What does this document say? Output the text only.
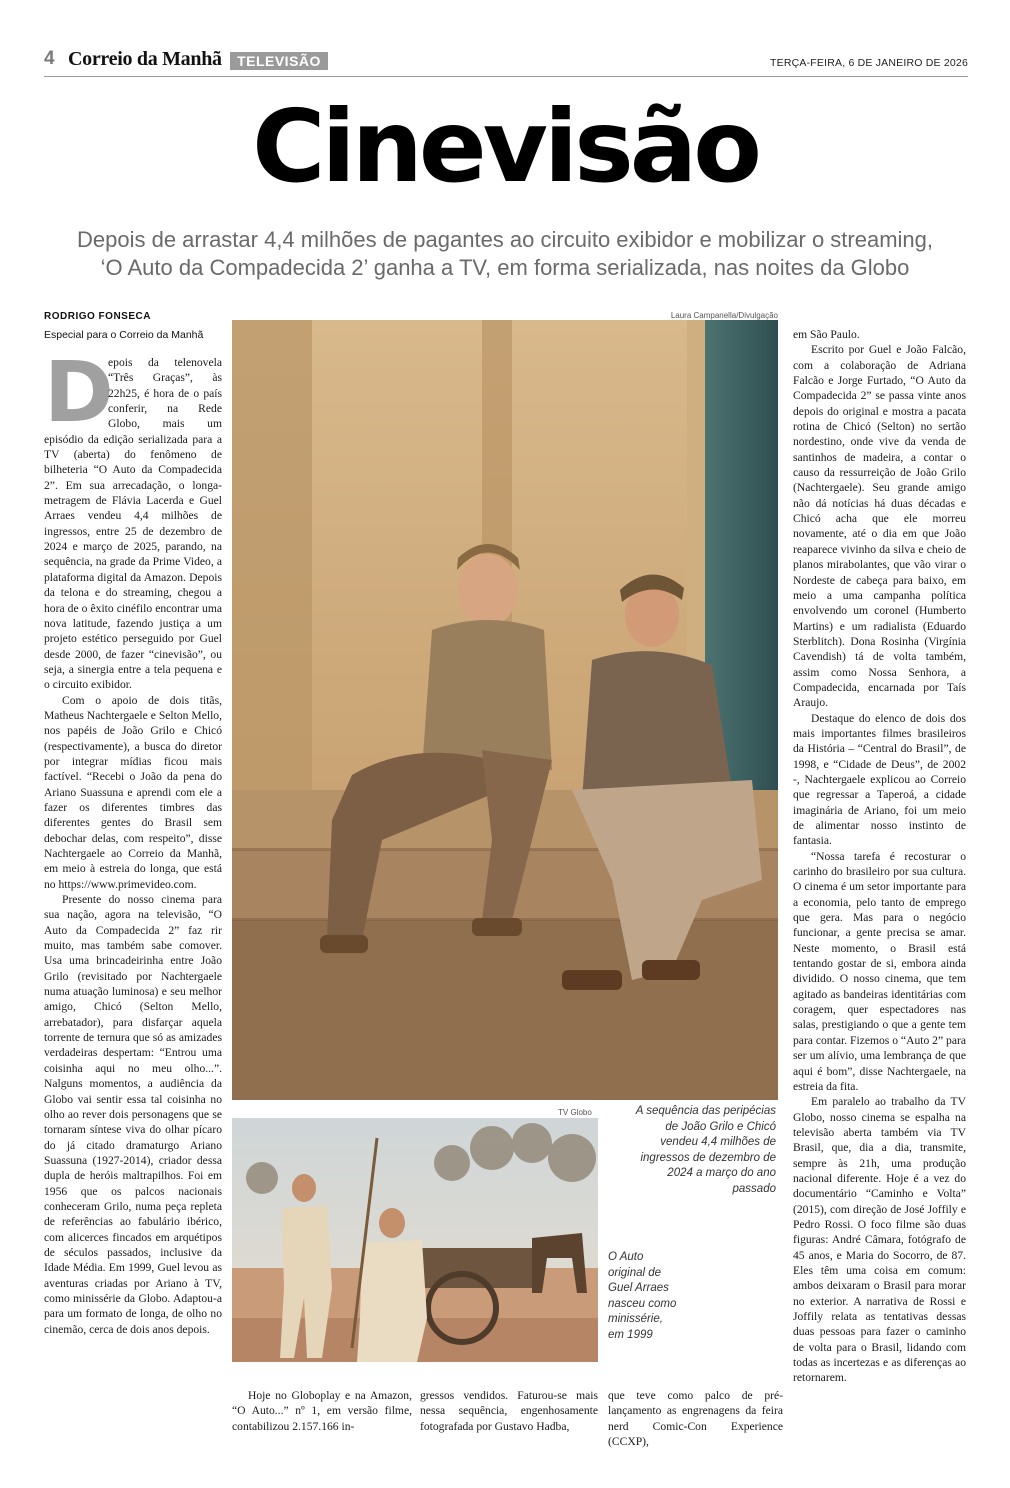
4 Correio da Manhã	TELEVISÃO	TERÇA-FEIRA, 6 DE JANEIRO DE 2026
Cinevisão
Depois de arrastar 4,4 milhões de pagantes ao circuito exibidor e mobilizar o streaming,
‘O Auto da Compadecida 2’ ganha a TV, em forma serializada, nas noites da Globo
RODRIGO FONSECA
Especial para o Correio da Manhã
D

epois da telenovela “Três Graças”, às 22h25, é hora de o país conferir, na Rede Globo, mais um episódio da edição serializada para a TV (aberta) do fenômeno de bilheteria “O Auto da Compadecida 2”. Em sua arrecadação, o longa-metragem de Flávia Lacerda e Guel Arraes vendeu 4,4 milhões de ingressos, entre 25 de dezembro de 2024 e março de 2025, parando, na sequência, na grade da Prime Video, a plataforma digital da Amazon. Depois da telona e do streaming, chegou a hora de o êxito cinéfilo encontrar uma nova latitude, fazendo justiça a um projeto estético perseguido por Guel desde 2000, de fazer “cinevisão”, ou seja, a sinergia entre a tela pequena e o circuito exibidor.

Com o apoio de dois titãs, Matheus Nachtergaele e Selton Mello, nos papéis de João Grilo e Chicó (respectivamente), a busca do diretor por integrar mídias ficou mais factível. “Recebi o João da pena do Ariano Suassuna e aprendi com ele a fazer os diferentes timbres das diferentes gentes do Brasil sem debochar delas, com respeito”, disse Nachtergaele ao Correio da Manhã, em meio à estreia do longa, que está no https://www.primevideo.com.

Presente do nosso cinema para sua nação, agora na televisão, “O Auto da Compadecida 2” faz rir muito, mas também sabe comover. Usa uma brincadeirinha entre João Grilo (revisitado por Nachtergaele numa atuação luminosa) e seu melhor amigo, Chicó (Selton Mello, arrebatador), para disfarçar aquela torrente de ternura que só as amizades verdadeiras despertam: “Entrou uma coisinha aqui no meu olho...”. Nalguns momentos, a audiência da Globo vai sentir essa tal coisinha no olho ao rever dois personagens que se tornaram síntese viva do olhar pícaro do já citado dramaturgo Ariano Suassuna (1927-2014), criador dessa dupla de heróis maltrapilhos. Foi em 1956 que os palcos nacionais conheceram Grilo, numa peça repleta de referências ao fabulário ibérico, com alicerces fincados em arquétipos de séculos passados, inclusive da Idade Média. Em 1999, Guel levou as aventuras criadas por Ariano à TV, como minissérie da Globo. Adaptou-a para um formato de longa, de olho no cinemão, cerca de dois anos depois.

Laura Campanella/Divulgação
A sequência das peripécias de João Grilo e Chicó vendeu 4,4 milhões de ingressos de dezembro de 2024 a março do ano passado
TV Globo
O Auto original de Guel Arraes nasceu como minissérie, em 1999

Hoje no Globoplay e na Amazon, “O Auto...” nº 1, em versão filme, contabilizou 2.157.166 in-

gressos vendidos. Faturou-se mais nessa sequência, engenhosamente fotografada por Gustavo Hadba,

que teve como palco de pré-lançamento as engrenagens da feira nerd Comic-Con Experience (CCXP),

em São Paulo.

Escrito por Guel e João Falcão, com a colaboração de Adriana Falcão e Jorge Furtado, “O Auto da Compadecida 2” se passa vinte anos depois do original e mostra a pacata rotina de Chicó (Selton) no sertão nordestino, onde vive da venda de santinhos de madeira, a contar o causo da ressurreição de João Grilo (Nachtergaele). Seu grande amigo não dá notícias há duas décadas e Chicó acha que ele morreu novamente, até o dia em que João reaparece vivinho da silva e cheio de planos mirabolantes, que vão virar o Nordeste de cabeça para baixo, em meio a uma campanha política envolvendo um coronel (Humberto Martins) e um radialista (Eduardo Sterblitch). Dona Rosinha (Virgínia Cavendish) tá de volta também, assim como Nossa Senhora, a Compadecida, encarnada por Taís Araujo.

Destaque do elenco de dois dos mais importantes filmes brasileiros da História – “Central do Brasil”, de 1998, e “Cidade de Deus”, de 2002 -, Nachtergaele explicou ao Correio que regressar a Taperoá, a cidade imaginária de Ariano, foi um meio de alimentar nosso instinto de fantasia.

“Nossa tarefa é recosturar o carinho do brasileiro por sua cultura. O cinema é um setor importante para a economia, pelo tanto de emprego que gera. Mas para o negócio funcionar, a gente precisa se amar. Neste momento, o Brasil está tentando gostar de si, embora ainda dividido. O nosso cinema, que tem agitado as bandeiras identitárias com coragem, quer espectadores nas salas, prestigiando o que a gente tem para contar. Fizemos o “Auto 2” para ser um alívio, uma lembrança de que aqui é bom”, disse Nachtergaele, na estreia da fita.

Em paralelo ao trabalho da TV Globo, nosso cinema se espalha na televisão aberta também via TV Brasil, que, dia a dia, transmite, sempre às 21h, uma produção nacional diferente. Hoje é a vez do documentário “Caminho e Volta” (2015), com direção de José Joffily e Pedro Rossi. O foco filme são duas figuras: André Câmara, fotógrafo de 45 anos, e Maria do Socorro, de 87. Eles têm uma coisa em comum: ambos deixaram o Brasil para morar no exterior. A narrativa de Rossi e Joffily relata as tentativas dessas duas pessoas para fazer o caminho de volta para o Brasil, lidando com todas as incertezas e as diferenças ao retornarem.
